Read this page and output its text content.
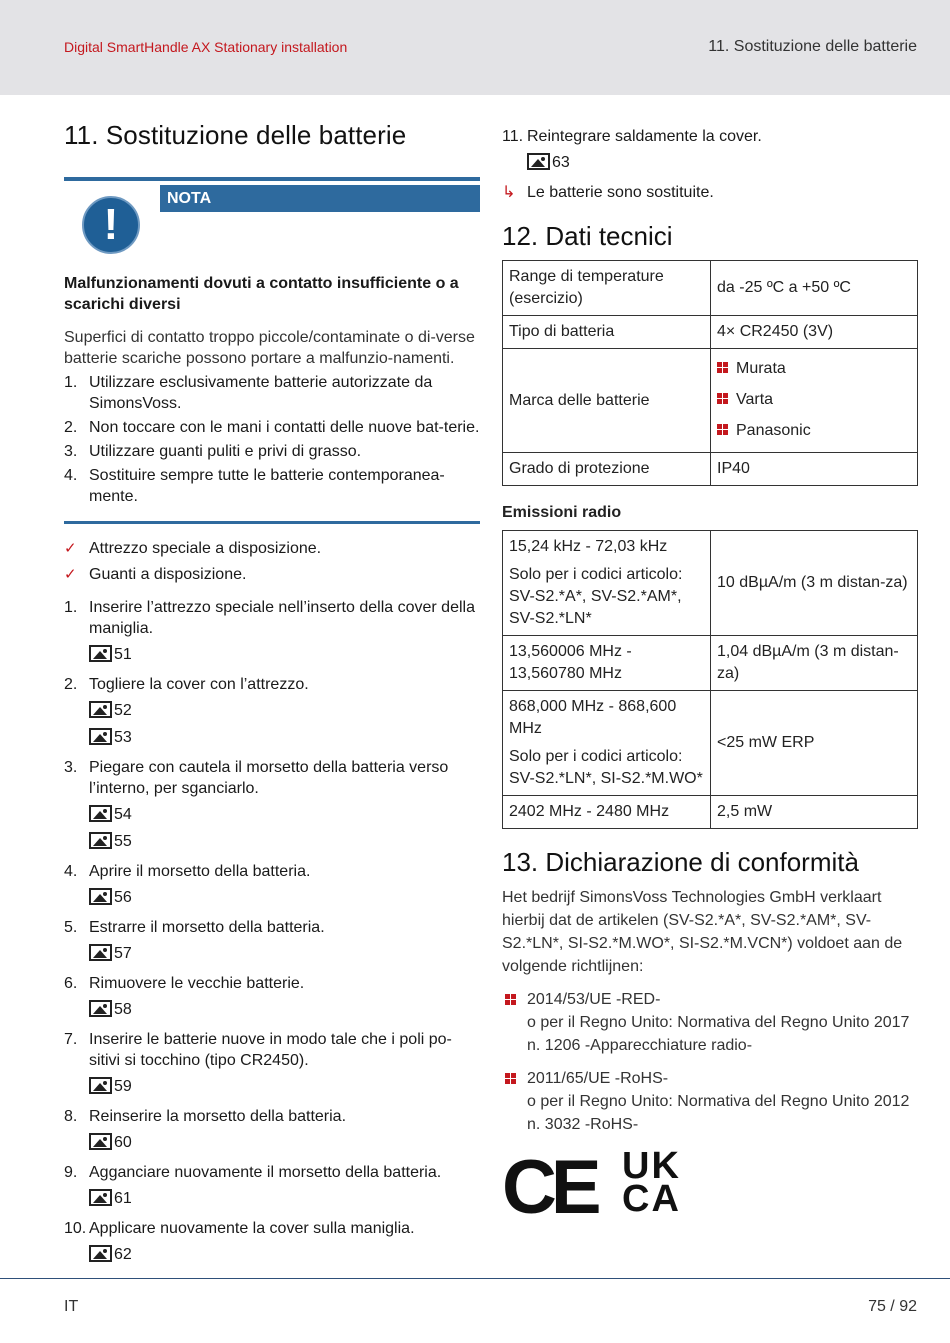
Digital SmartHandle AX Stationary installation	11. Sostituzione delle batterie
11. Sostituzione delle batterie
NOTA
!
Malfunzionamenti dovuti a contatto insufficiente o a scarichi diversi
Superfici di contatto troppo piccole/contaminate o di-verse batterie scariche possono portare a malfunzio-namenti.
1. Utilizzare esclusivamente batterie autorizzate da SimonsVoss.
2. Non toccare con le mani i contatti delle nuove bat-terie.
3. Utilizzare guanti puliti e privi di grasso.
4. Sostituire sempre tutte le batterie contemporanea-mente.
✓ Attrezzo speciale a disposizione.
✓ Guanti a disposizione.
1. Inserire l’attrezzo speciale nell’inserto della cover della maniglia.
51
2. Togliere la cover con l’attrezzo.
52
53
3. Piegare con cautela il morsetto della batteria verso l’interno, per sganciarlo.
54
55
4. Aprire il morsetto della batteria.
56
5. Estrarre il morsetto della batteria.
57
6. Rimuovere le vecchie batterie.
58
7. Inserire le batterie nuove in modo tale che i poli po-sitivi si tocchino (tipo CR2450).
59
8. Reinserire la morsetto della batteria.
60
9. Agganciare nuovamente il morsetto della batteria.
61
10. Applicare nuovamente la cover sulla maniglia.
62
11. Reintegrare saldamente la cover.
63
↳ Le batterie sono sostituite.
12. Dati tecnici
Range di temperature (esercizio)	da -25 ºC a +50 ºC
Tipo di batteria	4× CR2450 (3V)
Marca delle batterie	Murata
Varta
Panasonic

Grado di protezione	IP40
Emissioni radio
15,24 kHz - 72,03 kHz
Solo per i codici articolo: SV-S2.*A*, SV-S2.*AM*, SV-S2.*LN*	10 dBµA/m (3 m distan-za)
13,560006 MHz - 13,560780 MHz	1,04 dBµA/m (3 m distan-za)

868,000 MHz - 868,600 MHz
Solo per i codici articolo: SV-S2.*LN*, SI-S2.*M.WO*	<25 mW ERP
2402 MHz - 2480 MHz	2,5 mW
13. Dichiarazione di conformità
Het bedrijf SimonsVoss Technologies GmbH verklaart hierbij dat de artikelen (SV-S2.*A*, SV-S2.*AM*, SV-S2.*LN*, SI-S2.*M.WO*, SI-S2.*M.VCN*) voldoet aan de volgende richtlijnen:
2014/53/UE -RED-
o per il Regno Unito: Normativa del Regno Unito 2017 n. 1206 -Apparecchiature radio-
2011/65/UE -RoHS-
o per il Regno Unito: Normativa del Regno Unito 2012 n. 3032 -RoHS-
CE UK
CA
IT	75 / 92
